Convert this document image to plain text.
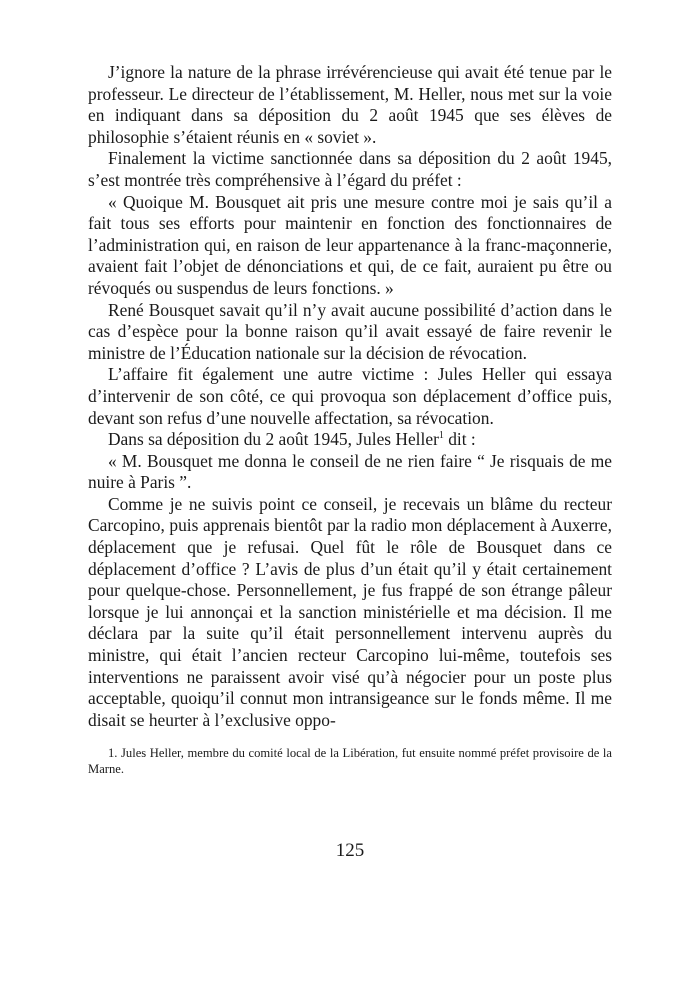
J’ignore la nature de la phrase irrévérencieuse qui avait été tenue par le professeur. Le directeur de l’établissement, M. Heller, nous met sur la voie en indiquant dans sa déposition du 2 août 1945 que ses élèves de philosophie s’étaient réunis en « soviet ».

Finalement la victime sanctionnée dans sa déposition du 2 août 1945, s’est montrée très compréhensive à l’égard du préfet :

« Quoique M. Bousquet ait pris une mesure contre moi je sais qu’il a fait tous ses efforts pour maintenir en fonction des fonctionnaires de l’administration qui, en raison de leur appartenance à la franc-maçonnerie, avaient fait l’objet de dénonciations et qui, de ce fait, auraient pu être ou révoqués ou suspendus de leurs fonctions. »

René Bousquet savait qu’il n’y avait aucune possibilité d’action dans le cas d’espèce pour la bonne raison qu’il avait essayé de faire revenir le ministre de l’Éducation nationale sur la décision de révocation.

L’affaire fit également une autre victime : Jules Heller qui essaya d’intervenir de son côté, ce qui provoqua son déplacement d’office puis, devant son refus d’une nouvelle affectation, sa révocation.

Dans sa déposition du 2 août 1945, Jules Heller$^1$ dit :

« M. Bousquet me donna le conseil de ne rien faire “ Je risquais de me nuire à Paris ”.

Comme je ne suivis point ce conseil, je recevais un blâme du recteur Carcopino, puis apprenais bientôt par la radio mon déplacement à Auxerre, déplacement que je refusai. Quel fût le rôle de Bousquet dans ce déplacement d’office ? L’avis de plus d’un était qu’il y était certainement pour quelque-chose. Personnellement, je fus frappé de son étrange pâleur lorsque je lui annonçai et la sanction ministérielle et ma décision. Il me déclara par la suite qu’il était personnellement intervenu auprès du ministre, qui était l’ancien recteur Carcopino lui-même, toutefois ses interventions ne paraissent avoir visé qu’à négocier pour un poste plus acceptable, quoiqu’il connut mon intransigeance sur le fonds même. Il me disait se heurter à l’exclusive oppo-

1. Jules Heller, membre du comité local de la Libération, fut ensuite nommé préfet provisoire de la Marne.

125
